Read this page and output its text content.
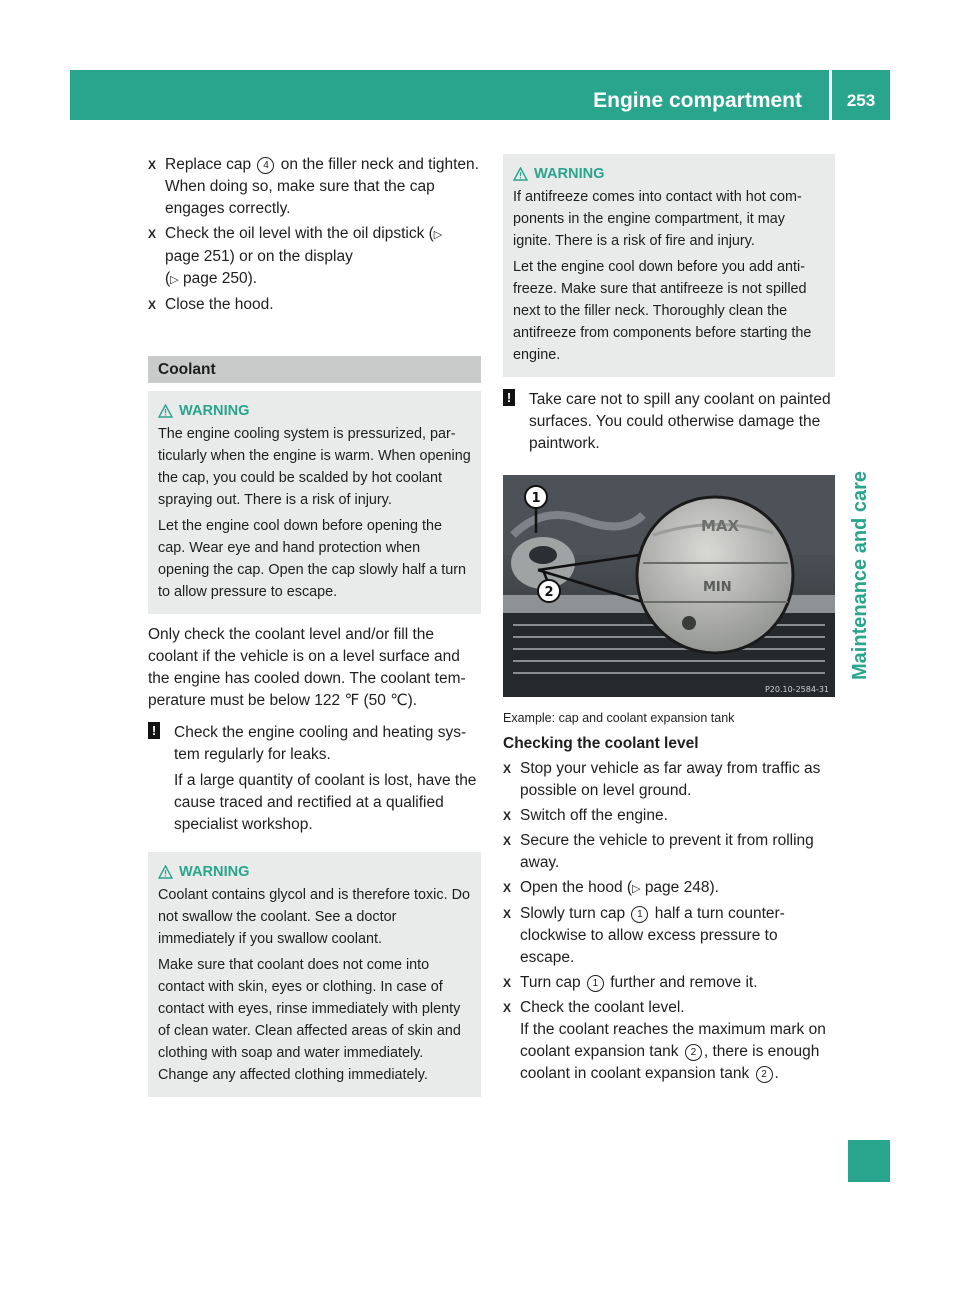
Engine compartment	253
Maintenance and care
X Replace cap 4 on the filler neck and tighten.
When doing so, make sure that the cap engages correctly.
X Check the oil level with the oil dipstick (▷ page 251) or on the display
(▷ page 250).
X Close the hood.
Coolant
WARNING

The engine cooling system is pressurized, particularly when the engine is warm. When opening the cap, you could be scalded by hot coolant spraying out. There is a risk of injury.

Let the engine cool down before opening the cap. Wear eye and hand protection when opening the cap. Open the cap slowly half a turn to allow pressure to escape.

Only check the coolant level and/or fill the coolant if the vehicle is on a level surface and the engine has cooled down. The coolant temperature must be below 122 ℉ (50 ℃).

! Check the engine cooling and heating system regularly for leaks.

If a large quantity of coolant is lost, have the cause traced and rectified at a qualified specialist workshop.

WARNING

Coolant contains glycol and is therefore toxic. Do not swallow the coolant. See a doctor immediately if you swallow coolant.

Make sure that coolant does not come into contact with skin, eyes or clothing. In case of contact with eyes, rinse immediately with plenty of clean water. Clean affected areas of skin and clothing with soap and water immediately. Change any affected clothing immediately.

WARNING

If antifreeze comes into contact with hot components in the engine compartment, it may ignite. There is a risk of fire and injury.

Let the engine cool down before you add antifreeze. Make sure that antifreeze is not spilled next to the filler neck. Thoroughly clean the antifreeze from components before starting the engine.

! Take care not to spill any coolant on painted surfaces. You could otherwise damage the paintwork.

MAX
MIN
1
2
P20.10-2584-31

Example: cap and coolant expansion tank

Checking the coolant level

X Stop your vehicle as far away from traffic as possible on level ground.
X Switch off the engine.
X Secure the vehicle to prevent it from rolling away.
X Open the hood (▷ page 248).
X Slowly turn cap 1 half a turn counterclockwise to allow excess pressure to escape.
X Turn cap 1 further and remove it.
X Check the coolant level.
If the coolant reaches the maximum mark on coolant expansion tank 2 , there is enough coolant in coolant expansion tank 2 .
